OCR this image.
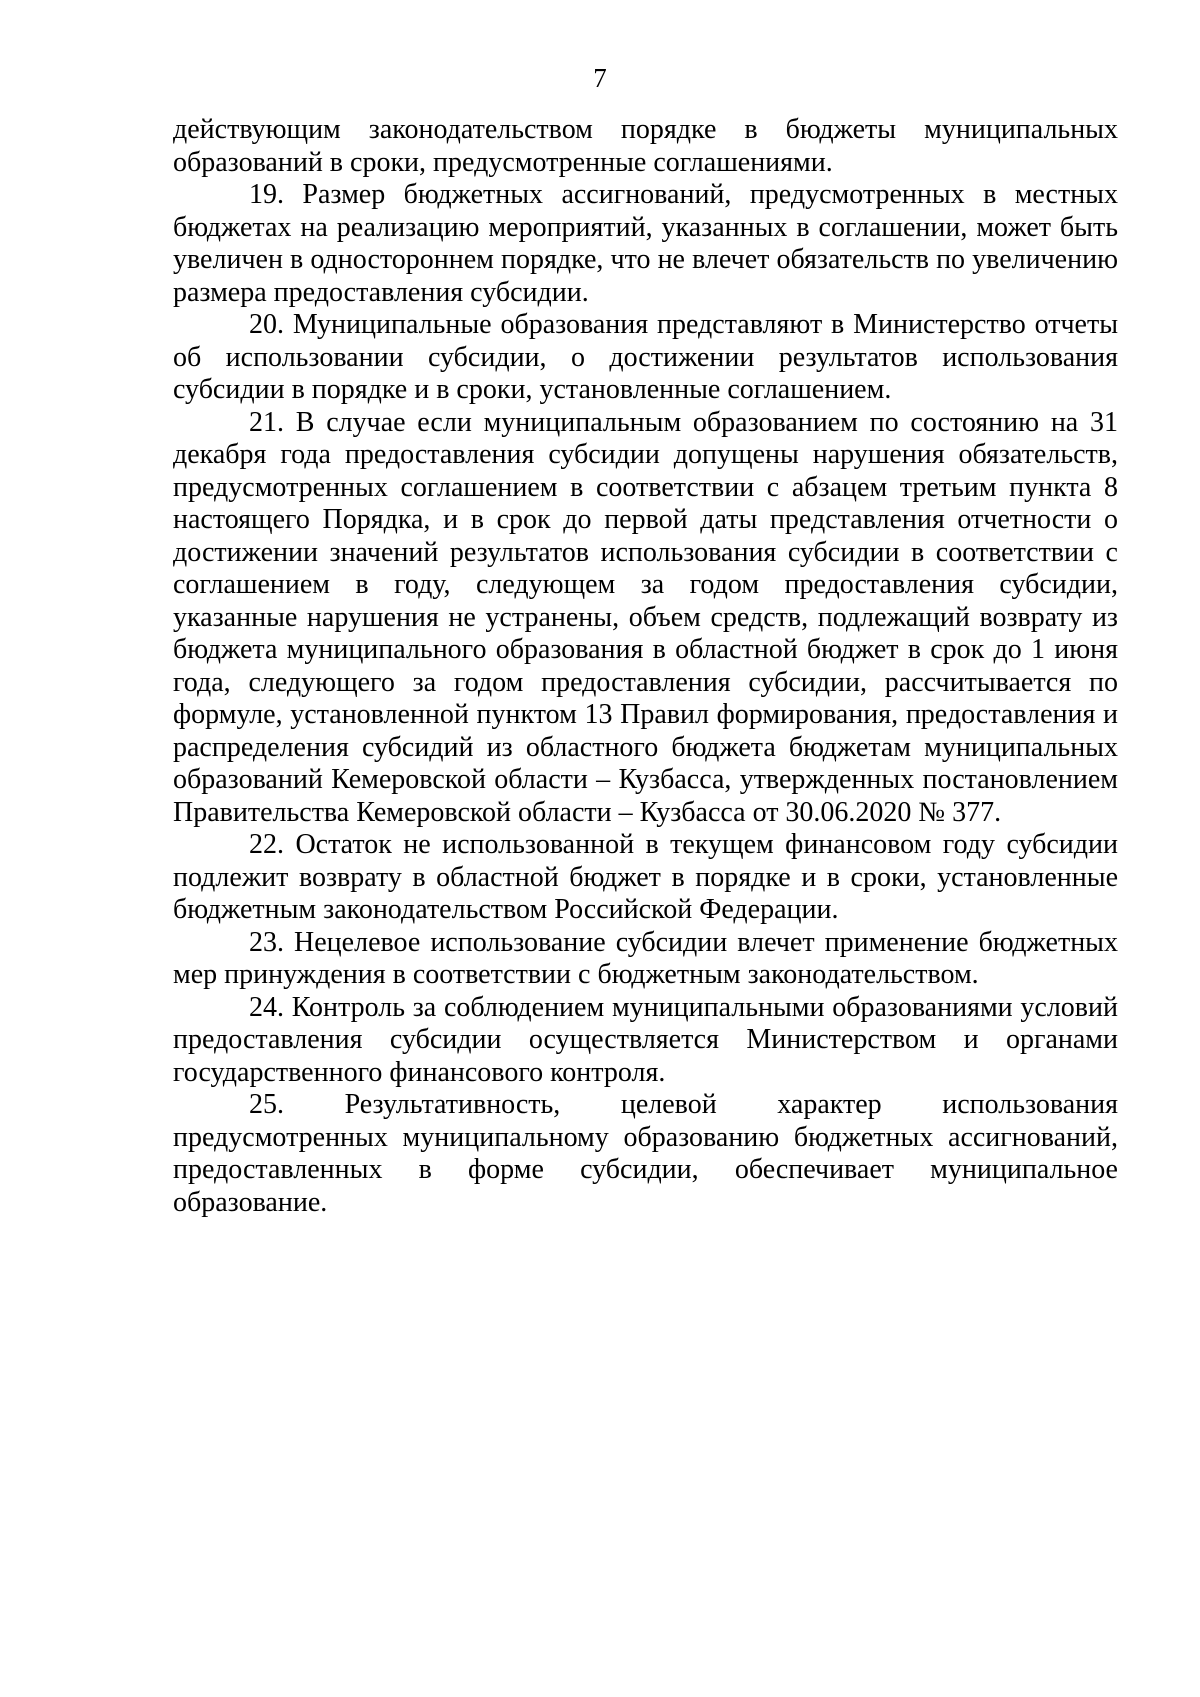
7

действующим законодательством порядке в бюджеты муниципальных образований в сроки, предусмотренные соглашениями.

19. Размер бюджетных ассигнований, предусмотренных в местных бюджетах на реализацию мероприятий, указанных в соглашении, может быть увеличен в одностороннем порядке, что не влечет обязательств по увеличению размера предоставления субсидии.

20. Муниципальные образования представляют в Министерство отчеты об использовании субсидии, о достижении результатов использования субсидии в порядке и в сроки, установленные соглашением.

21. В случае если муниципальным образованием по состоянию на 31 декабря года предоставления субсидии допущены нарушения обязательств, предусмотренных соглашением в соответствии с абзацем третьим пункта 8 настоящего Порядка, и в срок до первой даты представления отчетности о достижении значений результатов использования субсидии в соответствии с соглашением в году, следующем за годом предоставления субсидии, указанные нарушения не устранены, объем средств, подлежащий возврату из бюджета муниципального образования в областной бюджет в срок до 1 июня года, следующего за годом предоставления субсидии, рассчитывается по формуле, установленной пунктом 13 Правил формирования, предоставления и распределения субсидий из областного бюджета бюджетам муниципальных образований Кемеровской области – Кузбасса, утвержденных постановлением Правительства Кемеровской области – Кузбасса от 30.06.2020 № 377.

22. Остаток не использованной в текущем финансовом году субсидии подлежит возврату в областной бюджет в порядке и в сроки, установленные бюджетным законодательством Российской Федерации.

23. Нецелевое использование субсидии влечет применение бюджетных мер принуждения в соответствии с бюджетным законодательством.

24. Контроль за соблюдением муниципальными образованиями условий предоставления субсидии осуществляется Министерством и органами государственного финансового контроля.

25. Результативность, целевой характер использования предусмотренных муниципальному образованию бюджетных ассигнований, предоставленных в форме субсидии, обеспечивает муниципальное образование.
